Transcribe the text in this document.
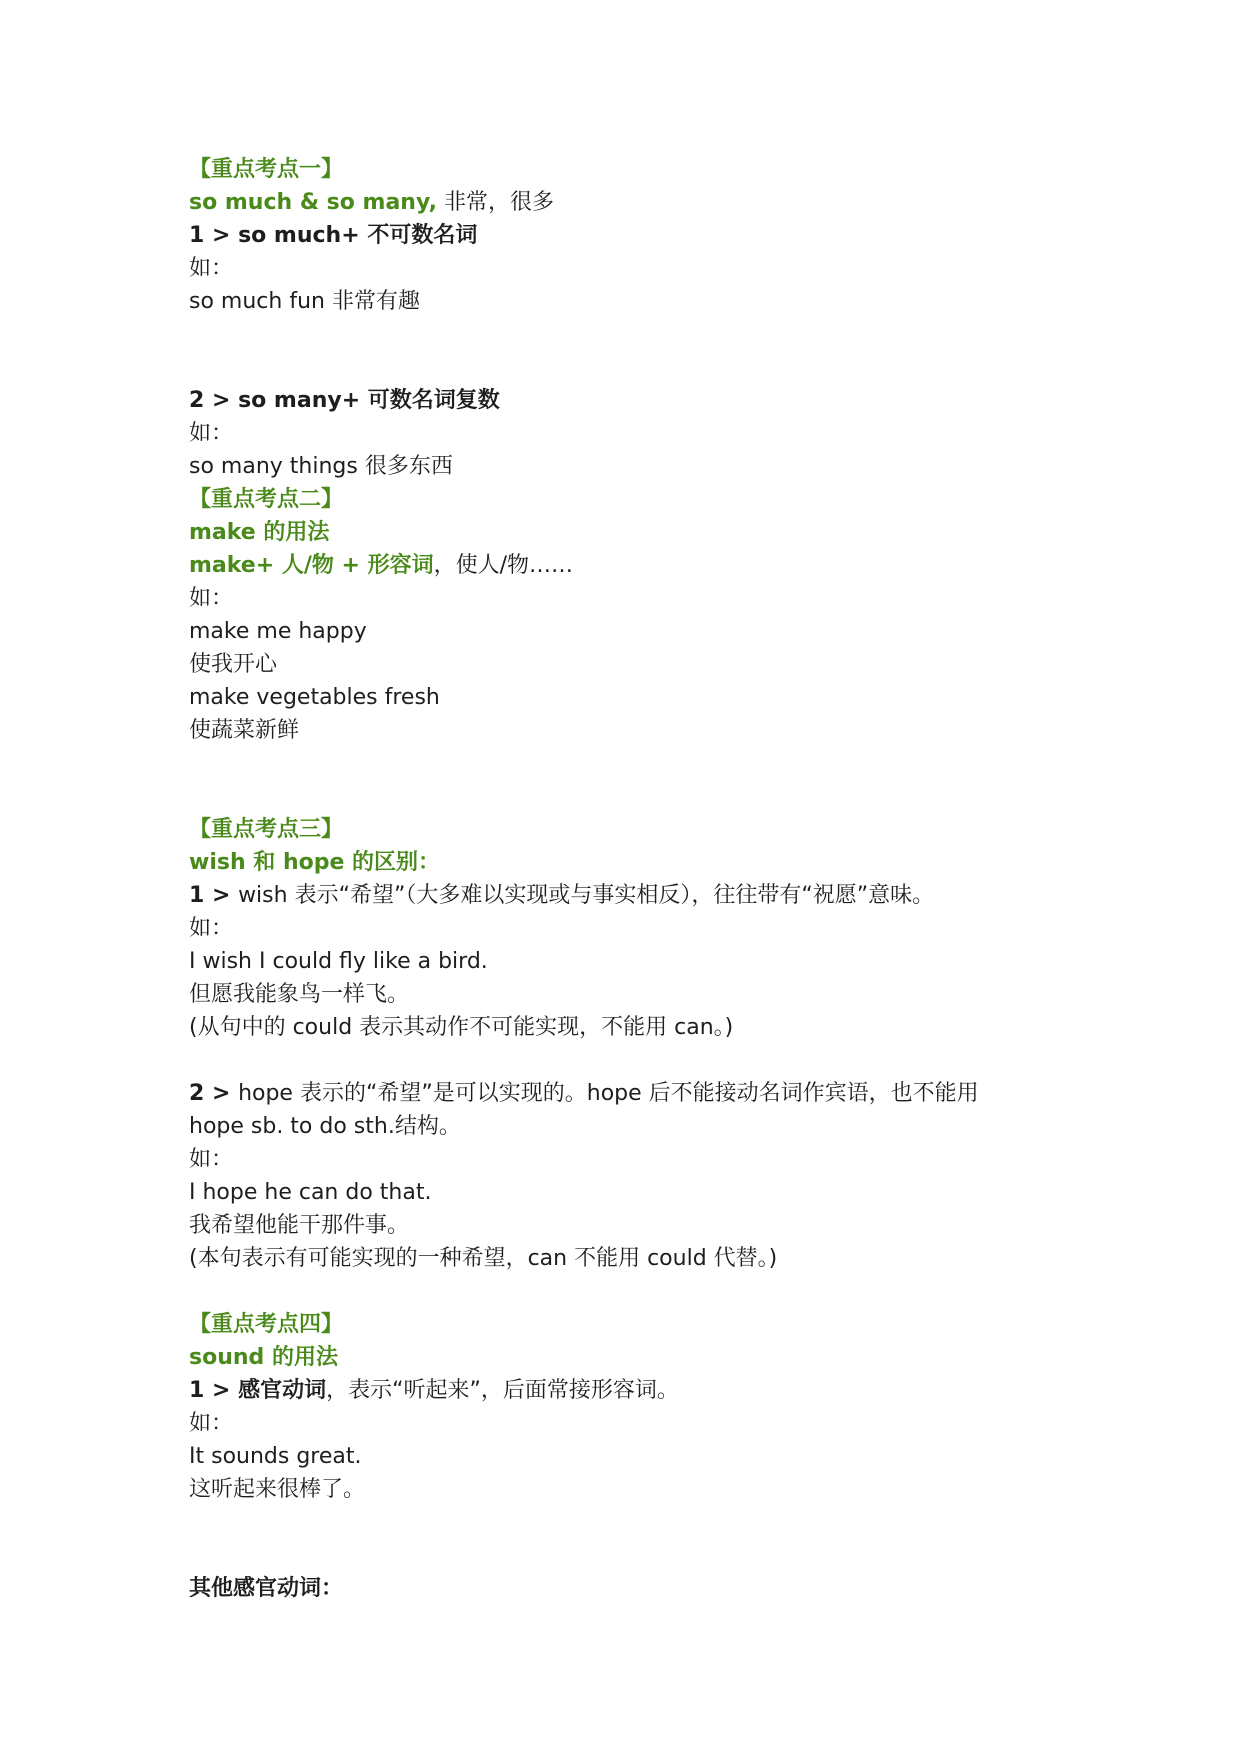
【重点考点一】
so much & so many, 非常，很多
1 > so much+ 不可数名词
如：
so much fun 非常有趣
2 > so many+ 可数名词复数
如：
so many things 很多东西
【重点考点二】
make 的用法
make+ 人/物 + 形容词，使人/物……
如：
make me happy
使我开心
make vegetables fresh
使蔬菜新鲜
【重点考点三】
wish 和 hope 的区别：
1 > wish 表示“希望”（大多难以实现或与事实相反），往往带有“祝愿”意味。
如：
I wish I could fly like a bird.
但愿我能象鸟一样飞。
(从句中的 could 表示其动作不可能实现，不能用 can。)
2 > hope 表示的“希望”是可以实现的。hope 后不能接动名词作宾语，也不能用
hope sb. to do sth.结构。
如：
I hope he can do that.
我希望他能干那件事。
(本句表示有可能实现的一种希望，can 不能用 could 代替。)
【重点考点四】
sound 的用法
1 > 感官动词，表示“听起来”，后面常接形容词。
如：
It sounds great.
这听起来很棒了。
其他感官动词：
